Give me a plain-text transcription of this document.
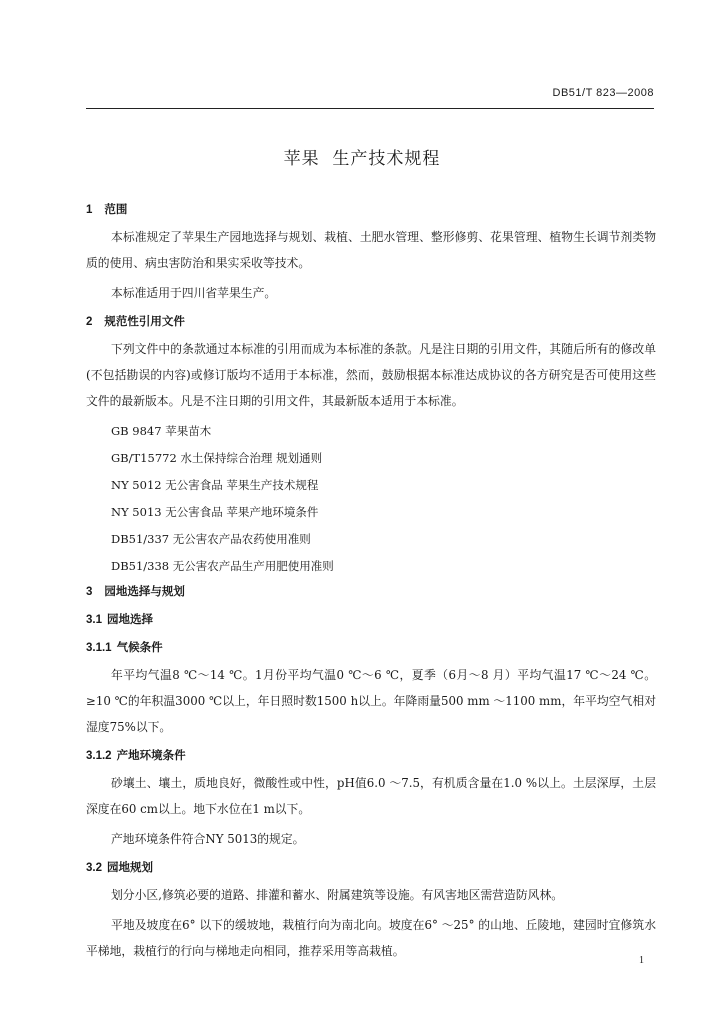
DB51/T 823—2008
苹果  生产技术规程
1 范围

本标准规定了苹果生产园地选择与规划、栽植、土肥水管理、整形修剪、花果管理、植物生长调节剂类物质的使用、病虫害防治和果实采收等技术。

本标准适用于四川省苹果生产。

2 规范性引用文件

下列文件中的条款通过本标准的引用而成为本标准的条款。凡是注日期的引用文件，其随后所有的修改单(不包括勘误的内容)或修订版均不适用于本标准，然而，鼓励根据本标准达成协议的各方研究是否可使用这些文件的最新版本。凡是不注日期的引用文件，其最新版本适用于本标准。

GB 9847 苹果苗木
GB/T15772 水土保持综合治理 规划通则
NY 5012 无公害食品 苹果生产技术规程
NY 5013 无公害食品 苹果产地环境条件
DB51/337 无公害农产品农药使用准则
DB51/338 无公害农产品生产用肥使用准则
3 园地选择与规划
3.1 园地选择
3.1.1 气候条件

年平均气温8 ℃～14 ℃。1月份平均气温0 ℃～6 ℃，夏季（6月～8 月）平均气温17 ℃～24 ℃。≥10 ℃的年积温3000 ℃以上，年日照时数1500 h以上。年降雨量500 mm ～1100 mm，年平均空气相对湿度75%以下。

3.1.2 产地环境条件

砂壤土、壤土，质地良好，微酸性或中性，pH值6.0 ～7.5，有机质含量在1.0 %以上。土层深厚，土层深度在60 cm以上。地下水位在1 m以下。

产地环境条件符合NY 5013的规定。

3.2 园地规划

划分小区,修筑必要的道路、排灌和蓄水、附属建筑等设施。有风害地区需营造防风林。

平地及坡度在6° 以下的缓坡地，栽植行向为南北向。坡度在6° ～25° 的山地、丘陵地，建园时宜修筑水平梯地，栽植行的行向与梯地走向相同，推荐采用等高栽植。

1
